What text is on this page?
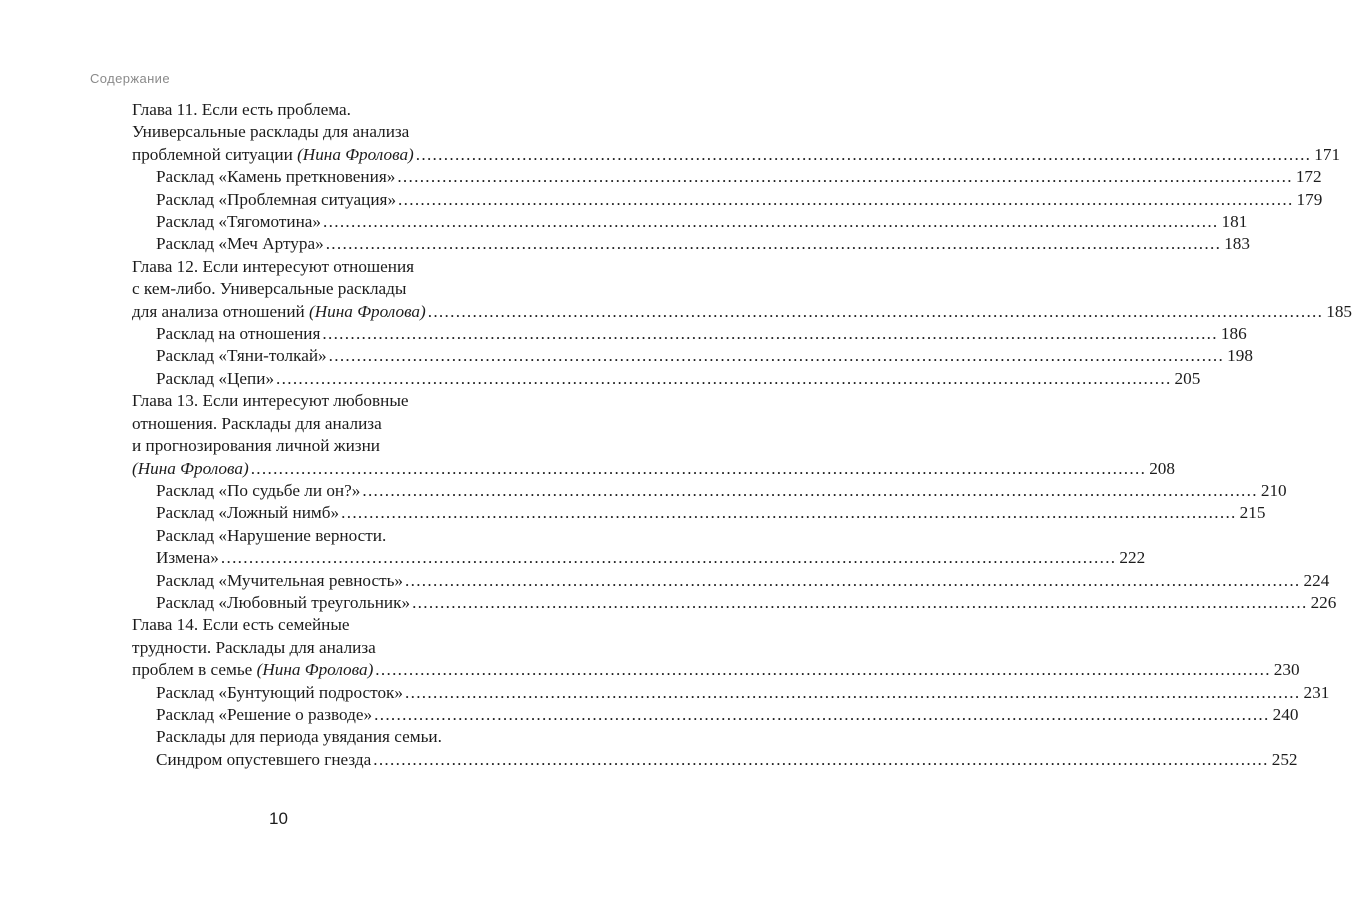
Содержание
Глава 11. Если есть проблема.
Универсальные расклады для анализа
проблемной ситуации (Нина Фролова) ................................................................................................................................................................ 171
Расклад «Камень преткновения» ................................................................................................................................................................ 172
Расклад «Проблемная ситуация» ................................................................................................................................................................ 179
Расклад «Тягомотина» ................................................................................................................................................................ 181
Расклад «Меч Артура» ................................................................................................................................................................ 183
Глава 12. Если интересуют отношения
с кем-либо. Универсальные расклады
для анализа отношений (Нина Фролова) ................................................................................................................................................................ 185
Расклад на отношения ................................................................................................................................................................ 186
Расклад «Тяни-толкай» ................................................................................................................................................................ 198
Расклад «Цепи» ................................................................................................................................................................ 205
Глава 13. Если интересуют любовные
отношения. Расклады для анализа
и прогнозирования личной жизни
(Нина Фролова) ................................................................................................................................................................ 208
Расклад «По судьбе ли он?» ................................................................................................................................................................ 210
Расклад «Ложный нимб» ................................................................................................................................................................ 215
Расклад «Нарушение верности.
Измена» ................................................................................................................................................................ 222
Расклад «Мучительная ревность» ................................................................................................................................................................ 224
Расклад «Любовный треугольник» ................................................................................................................................................................ 226
Глава 14. Если есть семейные
трудности. Расклады для анализа
проблем в семье (Нина Фролова) ................................................................................................................................................................ 230
Расклад «Бунтующий подросток» ................................................................................................................................................................ 231
Расклад «Решение о разводе» ................................................................................................................................................................ 240
Расклады для периода увядания семьи.
Синдром опустевшего гнезда ................................................................................................................................................................ 252
10
